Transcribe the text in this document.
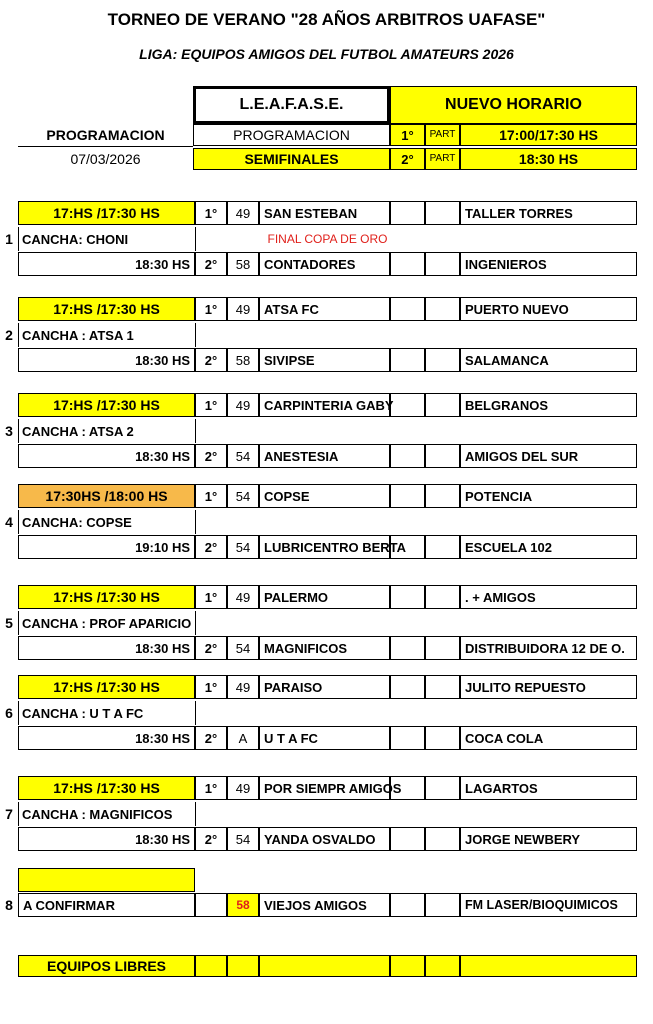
TORNEO DE VERANO "28 AÑOS ARBITROS UAFASE"
LIGA: EQUIPOS AMIGOS DEL FUTBOL AMATEURS 2026
L.E.A.F.A.S.E.	NUEVO HORARIO
PROGRAMACION	PROGRAMACION	1° PART	17:00/17:30 HS
07/03/2026	SEMIFINALES	2° PART	18:30 HS
17:HS /17:30 HS	1° 49 SAN ESTEBAN	TALLER TORRES
1 CANCHA: CHONI	FINAL COPA DE ORO
18:30 HS 2° 58 CONTADORES	INGENIEROS
17:HS /17:30 HS	1° 49 ATSA FC	PUERTO NUEVO
2 CANCHA : ATSA 1
18:30 HS 2° 58 SIVIPSE	SALAMANCA
17:HS /17:30 HS	1° 49 CARPINTERIA GABY	BELGRANOS
3 CANCHA : ATSA 2
18:30 HS 2° 54 ANESTESIA	AMIGOS DEL SUR
17:30HS /18:00 HS	1° 54 COPSE	POTENCIA
4 CANCHA: COPSE
19:10 HS 2° 54 LUBRICENTRO BERTA	ESCUELA 102
17:HS /17:30 HS	1° 49 PALERMO	. + AMIGOS
5 CANCHA : PROF APARICIO
18:30 HS 2° 54 MAGNIFICOS	DISTRIBUIDORA 12 DE O.
17:HS /17:30 HS	1° 49 PARAISO	JULITO REPUESTO
6 CANCHA : U T A FC
18:30 HS 2° A U T A FC	COCA COLA
17:HS /17:30 HS	1° 49 POR SIEMPR AMIGOS	LAGARTOS
7 CANCHA : MAGNIFICOS
18:30 HS 2° 54 YANDA OSVALDO	JORGE NEWBERY
8 A CONFIRMAR	58 VIEJOS AMIGOS	FM LASER/BIOQUIMICOS
EQUIPOS LIBRES
